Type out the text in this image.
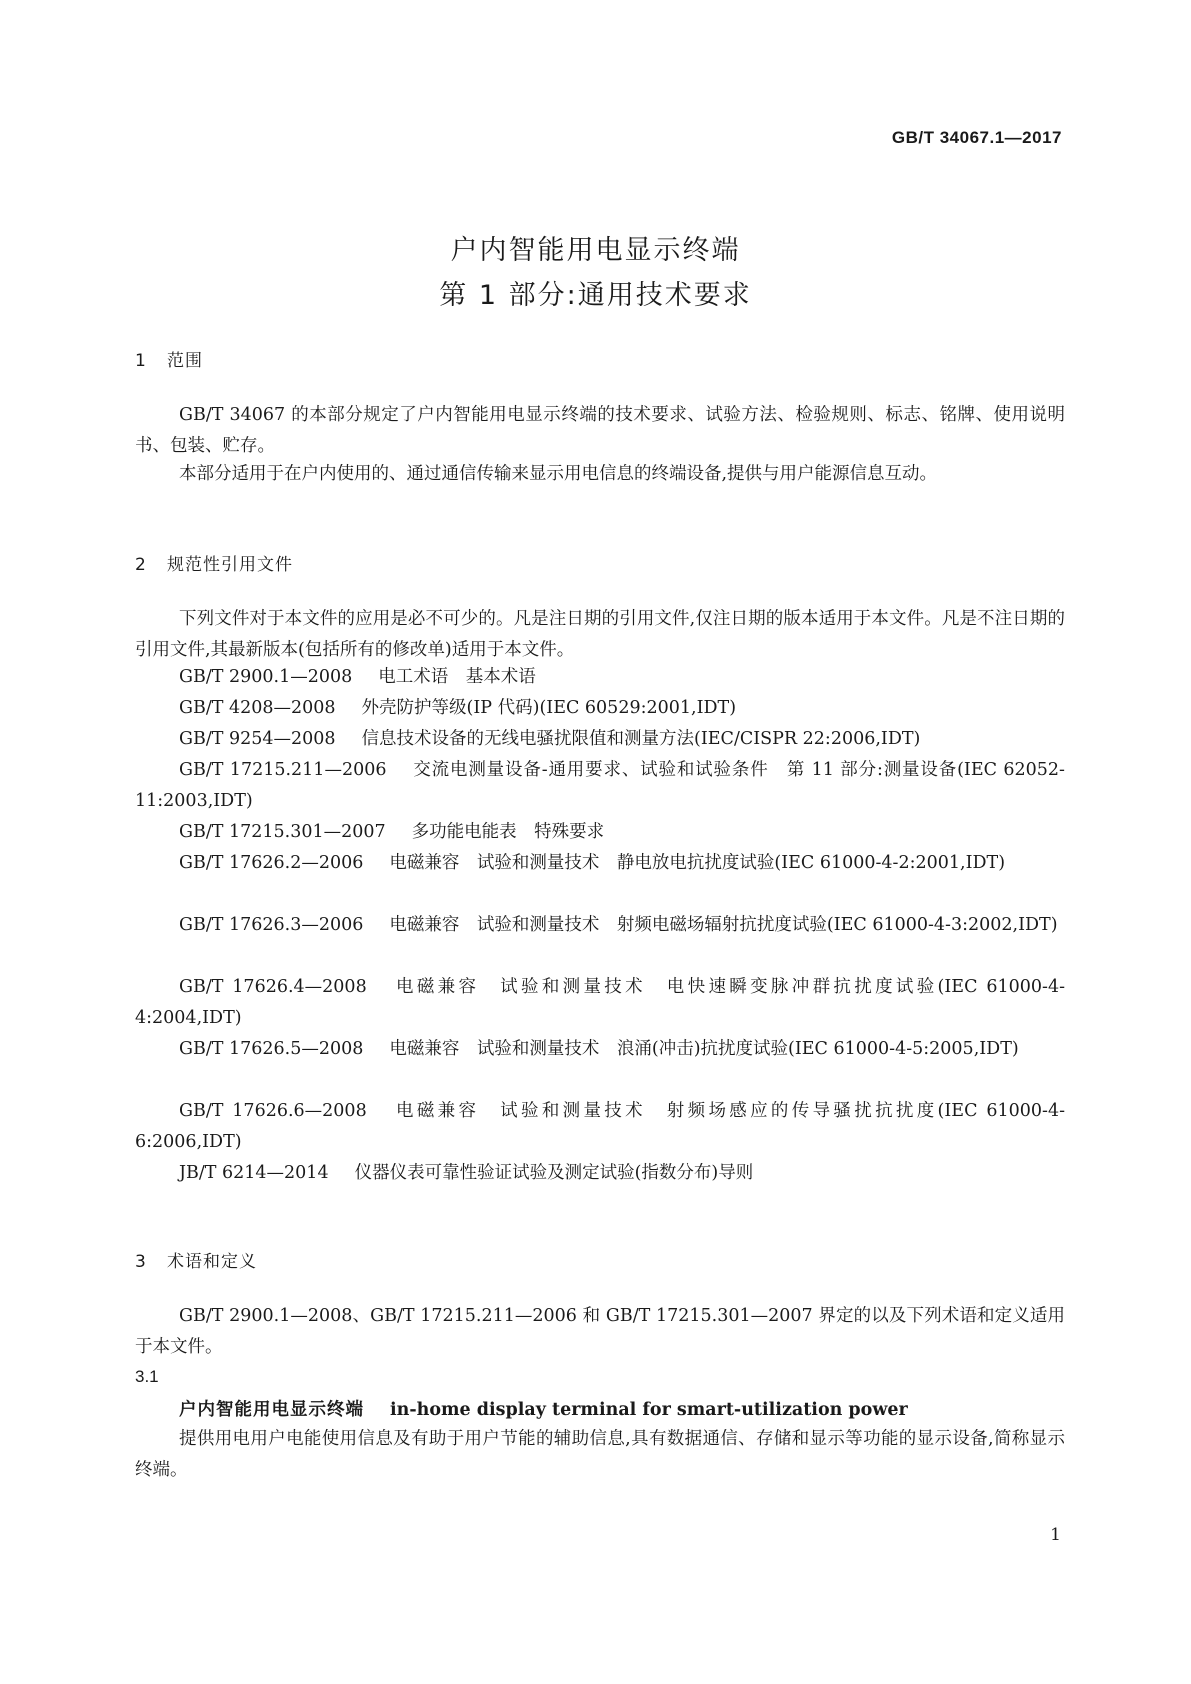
GB/T 34067.1—2017
户内智能用电显示终端
第 1 部分:通用技术要求
1 范围
GB/T 34067 的本部分规定了户内智能用电显示终端的技术要求、试验方法、检验规则、标志、铭牌、使用说明书、包装、贮存。
本部分适用于在户内使用的、通过通信传输来显示用电信息的终端设备,提供与用户能源信息互动。
2 规范性引用文件
下列文件对于本文件的应用是必不可少的。凡是注日期的引用文件,仅注日期的版本适用于本文件。凡是不注日期的引用文件,其最新版本(包括所有的修改单)适用于本文件。
GB/T 2900.1—2008 电工术语　基本术语
GB/T 4208—2008 外壳防护等级(IP 代码)(IEC 60529:2001,IDT)
GB/T 9254—2008 信息技术设备的无线电骚扰限值和测量方法(IEC/CISPR 22:2006,IDT)
GB/T 17215.211—2006 交流电测量设备-通用要求、试验和试验条件　第 11 部分:测量设备(IEC 62052-11:2003,IDT)
GB/T 17215.301—2007 多功能电能表　特殊要求
GB/T 17626.2—2006 电磁兼容　试验和测量技术　静电放电抗扰度试验(IEC 61000-4-2:2001,IDT)
GB/T 17626.3—2006 电磁兼容　试验和测量技术　射频电磁场辐射抗扰度试验(IEC 61000-4-3:2002,IDT)
GB/T 17626.4—2008 电磁兼容　试验和测量技术　电快速瞬变脉冲群抗扰度试验(IEC 61000-4-4:2004,IDT)
GB/T 17626.5—2008 电磁兼容　试验和测量技术　浪涌(冲击)抗扰度试验(IEC 61000-4-5:2005,IDT)
GB/T 17626.6—2008 电磁兼容　试验和测量技术　射频场感应的传导骚扰抗扰度(IEC 61000-4-6:2006,IDT)
JB/T 6214—2014 仪器仪表可靠性验证试验及测定试验(指数分布)导则
3 术语和定义
GB/T 2900.1—2008、GB/T 17215.211—2006 和 GB/T 17215.301—2007 界定的以及下列术语和定义适用于本文件。
3.1
户内智能用电显示终端 in-home display terminal for smart-utilization power
提供用电用户电能使用信息及有助于用户节能的辅助信息,具有数据通信、存储和显示等功能的显示设备,简称显示终端。
1
